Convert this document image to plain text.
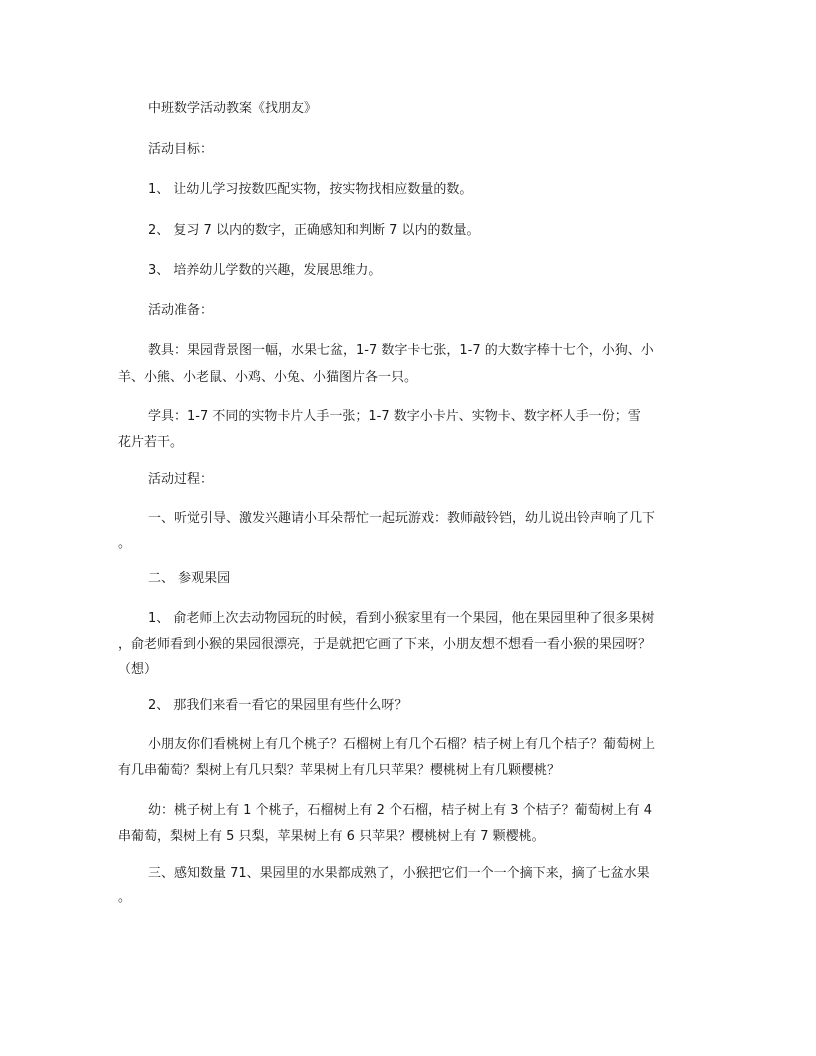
中班数学活动教案《找朋友》
活动目标：
1、 让幼儿学习按数匹配实物，按实物找相应数量的数。
2、 复习 7 以内的数字，正确感知和判断 7 以内的数量。
3、 培养幼儿学数的兴趣，发展思维力。
活动准备：
教具：果园背景图一幅，水果七盆，1-7 数字卡七张，1-7 的大数字棒十七个，小狗、小
羊、小熊、小老鼠、小鸡、小兔、小猫图片各一只。
学具：1-7 不同的实物卡片人手一张；1-7 数字小卡片、实物卡、数字杯人手一份；雪
花片若干。
活动过程：
一、听觉引导、激发兴趣请小耳朵帮忙一起玩游戏：教师敲铃铛，幼儿说出铃声响了几下
。
二、 参观果园
1、 俞老师上次去动物园玩的时候，看到小猴家里有一个果园，他在果园里种了很多果树
，俞老师看到小猴的果园很漂亮，于是就把它画了下来，小朋友想不想看一看小猴的果园呀？
（想）
2、 那我们来看一看它的果园里有些什么呀？
小朋友你们看桃树上有几个桃子？石榴树上有几个石榴？桔子树上有几个桔子？葡萄树上
有几串葡萄？梨树上有几只梨？苹果树上有几只苹果？樱桃树上有几颗樱桃？
幼：桃子树上有 1 个桃子，石榴树上有 2 个石榴，桔子树上有 3 个桔子？葡萄树上有 4
串葡萄，梨树上有 5 只梨，苹果树上有 6 只苹果？樱桃树上有 7 颗樱桃。
三、感知数量 71、果园里的水果都成熟了，小猴把它们一个一个摘下来，摘了七盆水果
。
